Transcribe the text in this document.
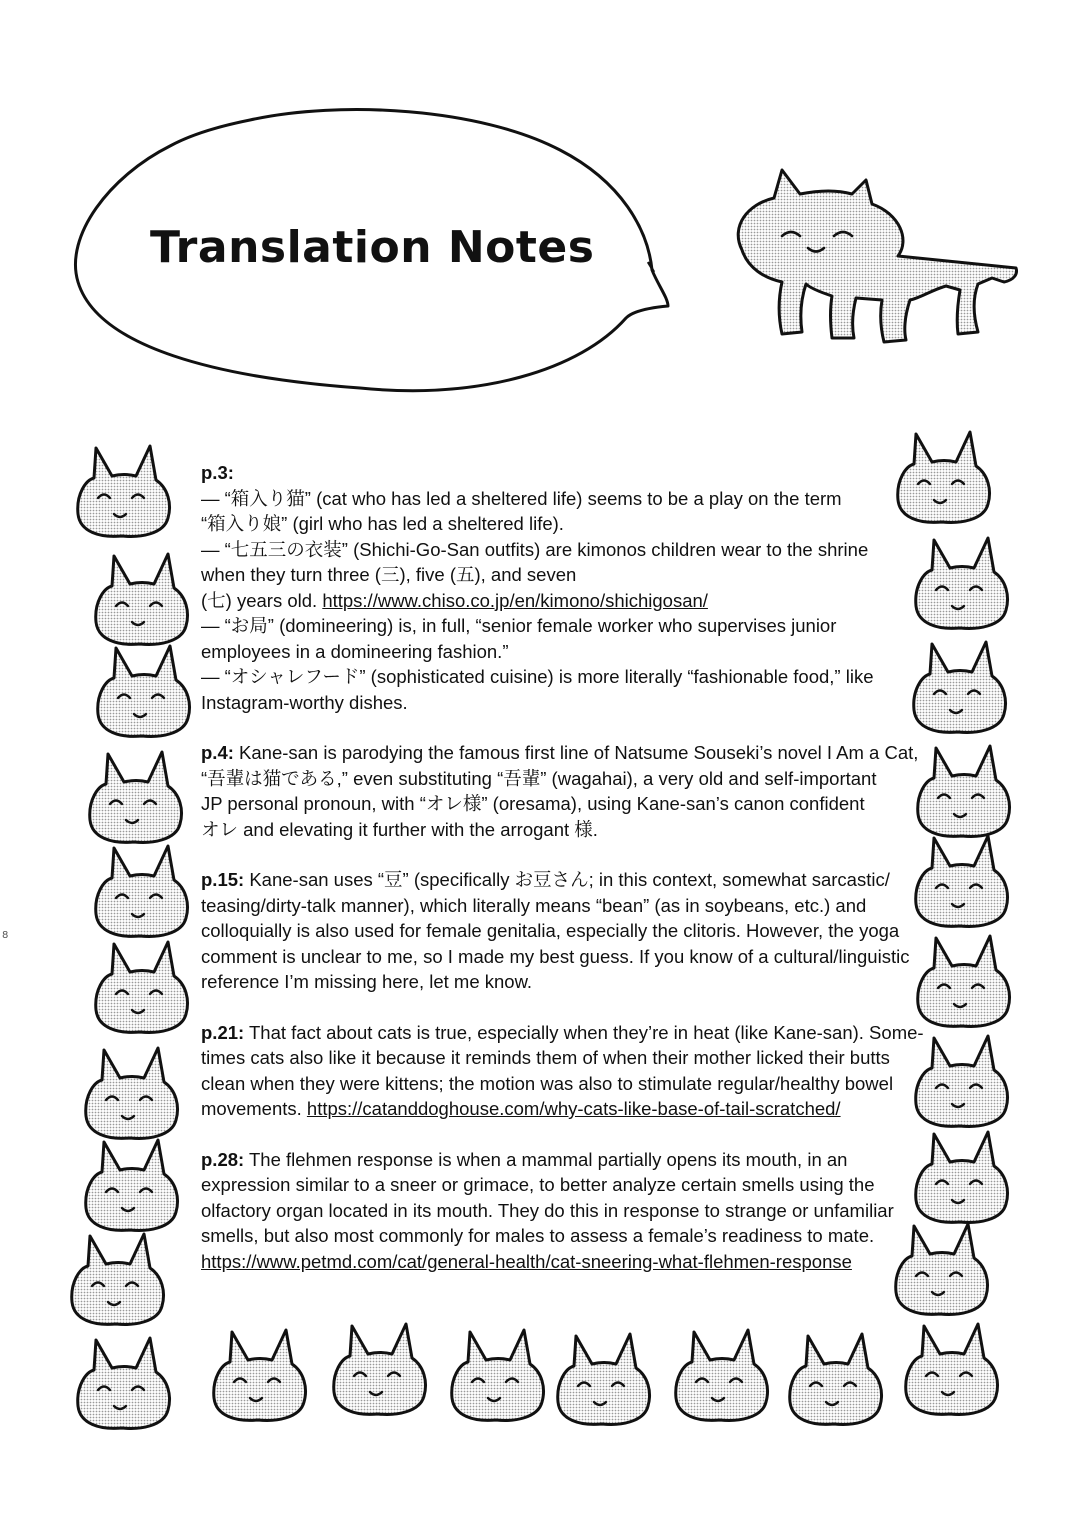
Translation Notes
8
p.3:
— “箱入り猫” (cat who has led a sheltered life) seems to be a play on the term
“箱入り娘” (girl who has led a sheltered life).
— “七五三の衣装” (Shichi-Go-San outfits) are kimonos children wear to the shrine
when they turn three (三), five (五), and seven
(七) years old. https://www.chiso.co.jp/en/kimono/shichigosan/
— “お局” (domineering) is, in full, “senior female worker who supervises junior
employees in a domineering fashion.”
— “オシャレフード” (sophisticated cuisine) is more literally “fashionable food,” like
Instagram-worthy dishes.
p.4: Kane-san is parodying the famous first line of Natsume Souseki’s novel I Am a Cat,
“吾輩は猫である,” even substituting “吾輩” (wagahai), a very old and self-important
JP personal pronoun, with “オレ様” (oresama), using Kane-san’s canon confident
オレ and elevating it further with the arrogant 様.
p.15: Kane-san uses “豆” (specifically お豆さん; in this context, somewhat sarcastic/
teasing/dirty-talk manner), which literally means “bean” (as in soybeans, etc.) and
colloquially is also used for female genitalia, especially the clitoris. However, the yoga
comment is unclear to me, so I made my best guess. If you know of a cultural/linguistic
reference I’m missing here, let me know.
p.21: That fact about cats is true, especially when they’re in heat (like Kane-san). Some-
times cats also like it because it reminds them of when their mother licked their butts
clean when they were kittens; the motion was also to stimulate regular/healthy bowel
movements. https://catanddoghouse.com/why-cats-like-base-of-tail-scratched/
p.28: The flehmen response is when a mammal partially opens its mouth, in an
expression similar to a sneer or grimace, to better analyze certain smells using the
olfactory organ located in its mouth. They do this in response to strange or unfamiliar
smells, but also most commonly for males to assess a female’s readiness to mate.
https://www.petmd.com/cat/general-health/cat-sneering-what-flehmen-response
